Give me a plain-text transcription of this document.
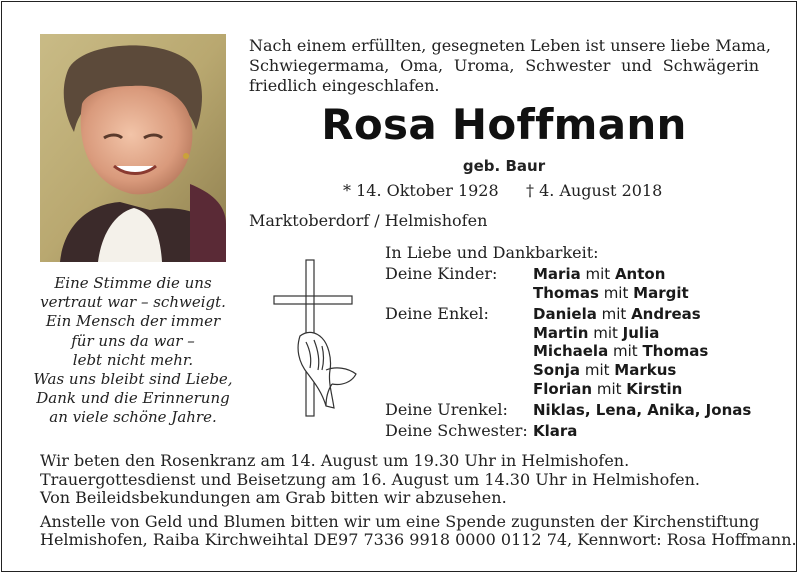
Eine Stimme die uns
vertraut war – schweigt.
Ein Mensch der immer
für uns da war –
lebt nicht mehr.
Was uns bleibt sind Liebe,
Dank und die Erinnerung
an viele schöne Jahre.
Nach einem erfüllten, gesegneten Leben ist unsere liebe Mama,
Schwiegermama, Oma, Uroma, Schwester und Schwägerin
friedlich eingeschlafen.
Rosa Hoffmann
geb. Baur
* 14. Oktober 1928 † 4. August 2018
Marktoberdorf / Helmishofen
In Liebe und Dankbarkeit:
Deine Kinder:	Maria mit Anton
Thomas mit Margit
Deine Enkel:	Daniela mit Andreas
Martin mit Julia
Michaela mit Thomas
Sonja mit Markus
Florian mit Kirstin
Deine Urenkel:	Niklas, Lena, Anika, Jonas
Deine Schwester: Klara
Wir beten den Rosenkranz am 14. August um 19.30 Uhr in Helmishofen.
Trauergottesdienst und Beisetzung am 16. August um 14.30 Uhr in Helmishofen.
Von Beileidsbekundungen am Grab bitten wir abzusehen.
Anstelle von Geld und Blumen bitten wir um eine Spende zugunsten der Kirchenstiftung
Helmishofen, Raiba Kirchweihtal DE97 7336 9918 0000 0112 74, Kennwort: Rosa Hoffmann.
